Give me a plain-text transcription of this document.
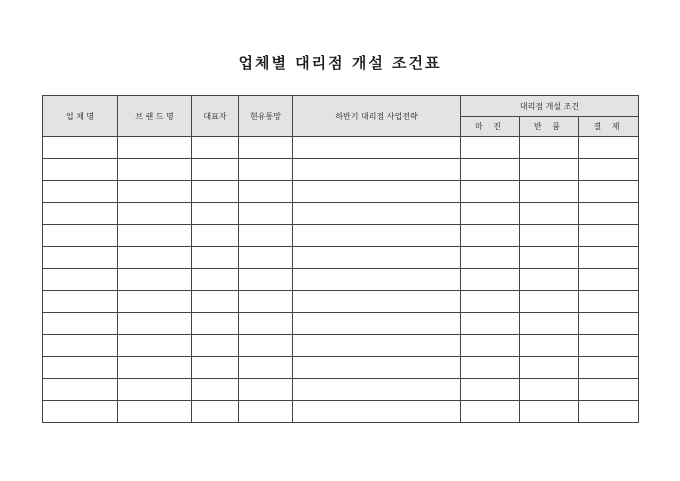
업체별 대리점 개설 조건표
업 체 명	브 랜 드 명	대표자	현유통망	하반기 대리점 사업전략	대리점 개설 조건		
					마 진	반 품	결 제
